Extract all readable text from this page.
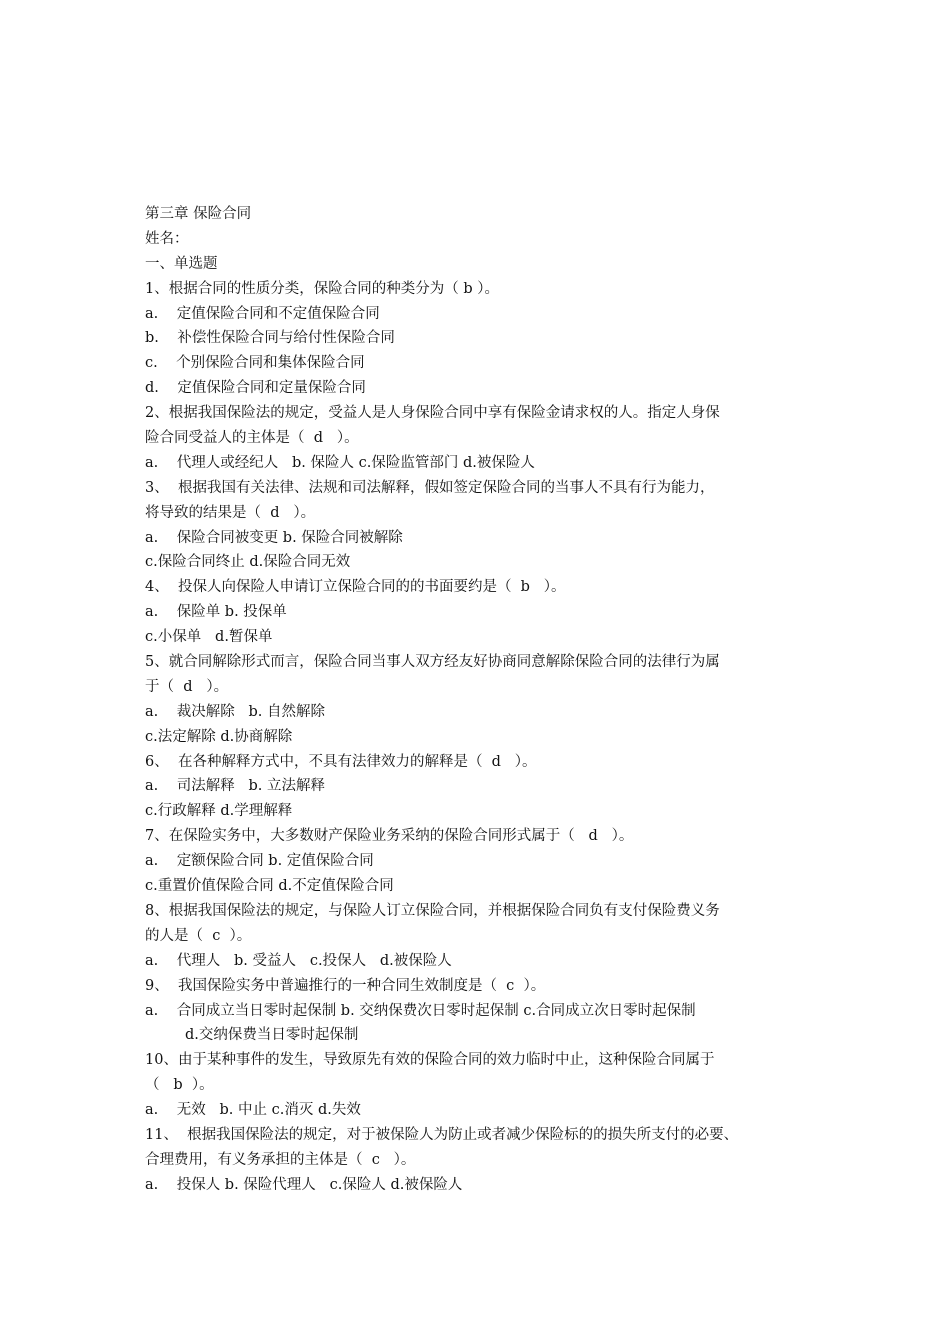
第三章 保险合同
姓名：
一、单选题
1、根据合同的性质分类，保险合同的种类分为（ b ）。
a.    定值保险合同和不定值保险合同
b.    补偿性保险合同与给付性保险合同
c.    个别保险合同和集体保险合同
d.    定值保险合同和定量保险合同
2、根据我国保险法的规定，受益人是人身保险合同中享有保险金请求权的人。指定人身保
险合同受益人的主体是（  d   ）。
a.    代理人或经纪人   b. 保险人 c.保险监管部门 d.被保险人
3、  根据我国有关法律、法规和司法解释，假如签定保险合同的当事人不具有行为能力，
将导致的结果是（  d   ）。
a.    保险合同被变更 b. 保险合同被解除
c.保险合同终止 d.保险合同无效
4、  投保人向保险人申请订立保险合同的的书面要约是（  b   ）。
a.    保险单 b. 投保单
c.小保单   d.暂保单
5、就合同解除形式而言，保险合同当事人双方经友好协商同意解除保险合同的法律行为属
于（  d   ）。
a.    裁决解除   b. 自然解除
c.法定解除 d.协商解除
6、  在各种解释方式中，不具有法律效力的解释是（  d   ）。
a.    司法解释   b. 立法解释
c.行政解释 d.学理解释
7、在保险实务中，大多数财产保险业务采纳的保险合同形式属于（   d   ）。
a.    定额保险合同 b. 定值保险合同
c.重置价值保险合同 d.不定值保险合同
8、根据我国保险法的规定，与保险人订立保险合同，并根据保险合同负有支付保险费义务
的人是（  c  ）。
a.    代理人   b. 受益人   c.投保人   d.被保险人
9、  我国保险实务中普遍推行的一种合同生效制度是（  c  ）。
a.    合同成立当日零时起保制 b. 交纳保费次日零时起保制 c.合同成立次日零时起保制
d.交纳保费当日零时起保制
10、由于某种事件的发生，导致原先有效的保险合同的效力临时中止，这种保险合同属于
（   b  ）。
a.    无效   b. 中止 c.消灭 d.失效
11、  根据我国保险法的规定，对于被保险人为防止或者减少保险标的的损失所支付的必要、
合理费用，有义务承担的主体是（  c   ）。
a.    投保人 b. 保险代理人   c.保险人 d.被保险人
